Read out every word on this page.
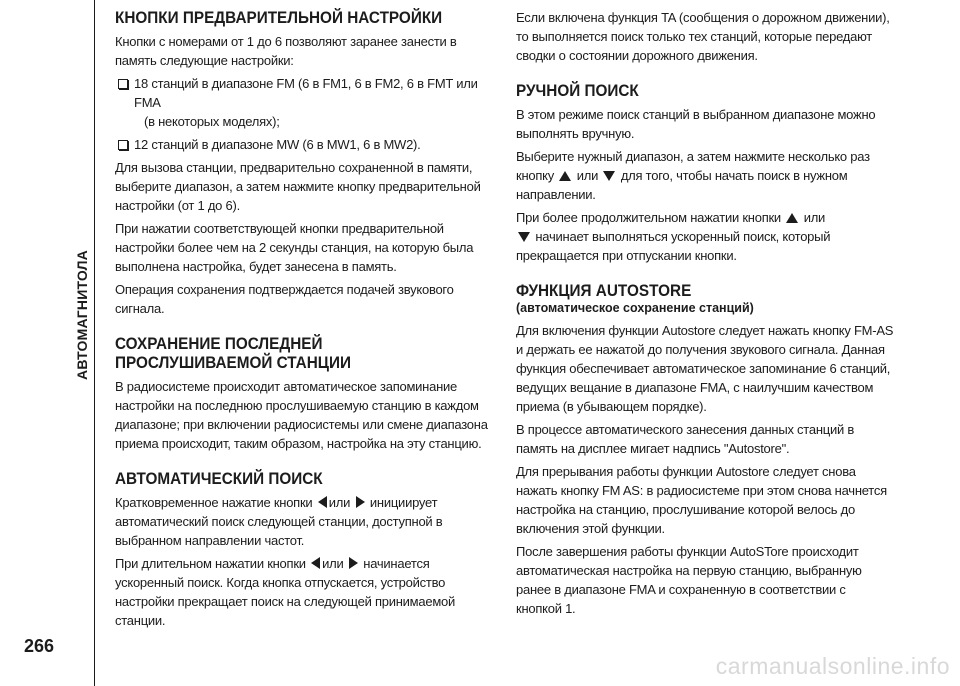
АВТОМАГНИТОЛА
266
КНОПКИ ПРЕДВАРИТЕЛЬНОЙ НАСТРОЙКИ

Кнопки с номерами от 1 до 6 позволяют заранее занести в
память следующие настройки:

18 станций в диапазоне FM (6 в FM1, 6 в FM2, 6 в FMT или FMA
(в некоторых моделях);
12 станций в диапазоне MW (6 в MW1, 6 в MW2).

Для вызова станции, предварительно сохраненной в памяти,
выберите диапазон, а затем нажмите кнопку предварительной
настройки (от 1 до 6).

При нажатии соответствующей кнопки предварительной
настройки более чем на 2 секунды станция, на которую была
выполнена настройка, будет занесена в память.

Операция сохранения подтверждается подачей звукового
сигнала.

СОХРАНЕНИЕ ПОСЛЕДНЕЙ
ПРОСЛУШИВАЕМОЙ СТАНЦИИ

В радиосистеме происходит автоматическое запоминание
настройки на последнюю прослушиваемую станцию в каждом
диапазоне; при включении радиосистемы или смене диапазона
приема происходит, таким образом, настройка на эту станцию.

АВТОМАТИЧЕСКИЙ ПОИСК

Кратковременное нажатие кнопки или инициирует
автоматический поиск следующей станции, доступной в
выбранном направлении частот.

При длительном нажатии кнопки или начинается
ускоренный поиск. Когда кнопка отпускается, устройство
настройки прекращает поиск на следующей принимаемой
станции.

Если включена функция TA (сообщения о дорожном движении),
то выполняется поиск только тех станций, которые передают
сводки о состоянии дорожного движения.

РУЧНОЙ ПОИСК

В этом режиме поиск станций в выбранном диапазоне можно
выполнять вручную.

Выберите нужный диапазон, а затем нажмите несколько раз
кнопку или для того, чтобы начать поиск в нужном
направлении.

При более продолжительном нажатии кнопки или
начинает выполняться ускоренный поиск, который
прекращается при отпускании кнопки.

ФУНКЦИЯ AUTOSTORE
(автоматическое сохранение станций)

Для включения функции Autostore следует нажать кнопку FM-AS
и держать ее нажатой до получения звукового сигнала. Данная
функция обеспечивает автоматическое запоминание 6 станций,
ведущих вещание в диапазоне FMA, с наилучшим качеством
приема (в убывающем порядке).

В процессе автоматического занесения данных станций в
память на дисплее мигает надпись "Autostore".

Для прерывания работы функции Autostore следует снова
нажать кнопку FM AS: в радиосистеме при этом снова начнется
настройка на станцию, прослушивание которой велось до
включения этой функции.

После завершения работы функции AutoSTore происходит
автоматическая настройка на первую станцию, выбранную
ранее в диапазоне FMA и сохраненную в соответствии с
кнопкой 1.

carmanualsonline.info
